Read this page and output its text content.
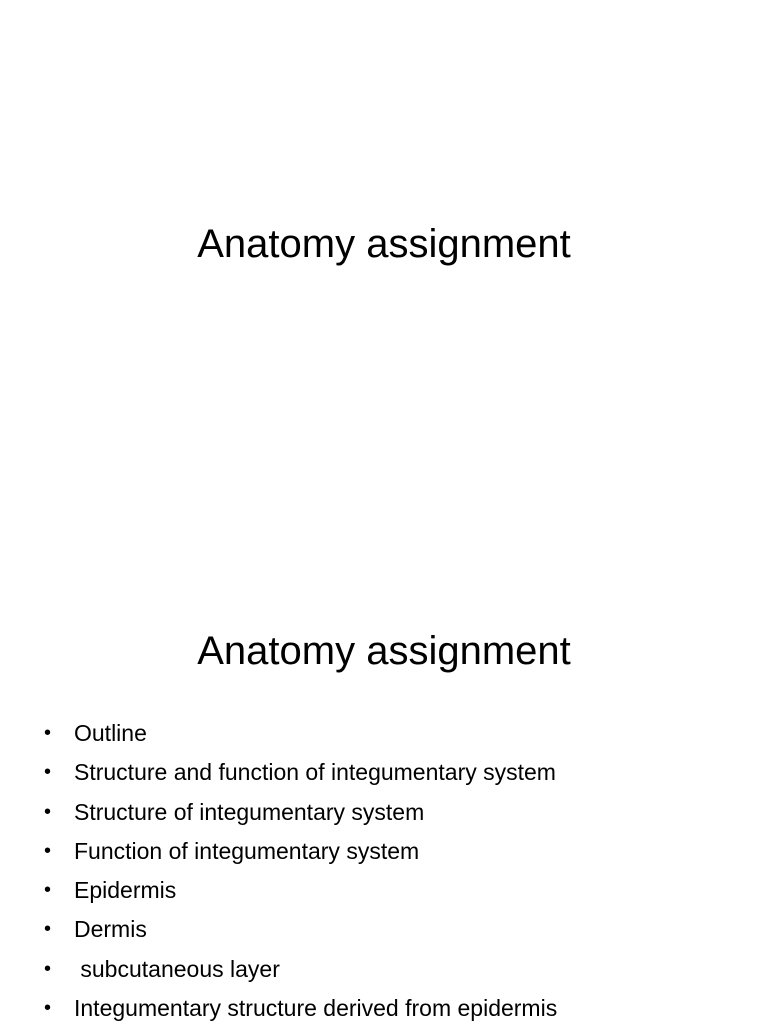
Anatomy assignment
Anatomy assignment
• Outline
• Structure and function of integumentary system
• Structure of integumentary system
• Function of integumentary system
• Epidermis
• Dermis
• subcutaneous layer
• Integumentary structure derived from epidermis
